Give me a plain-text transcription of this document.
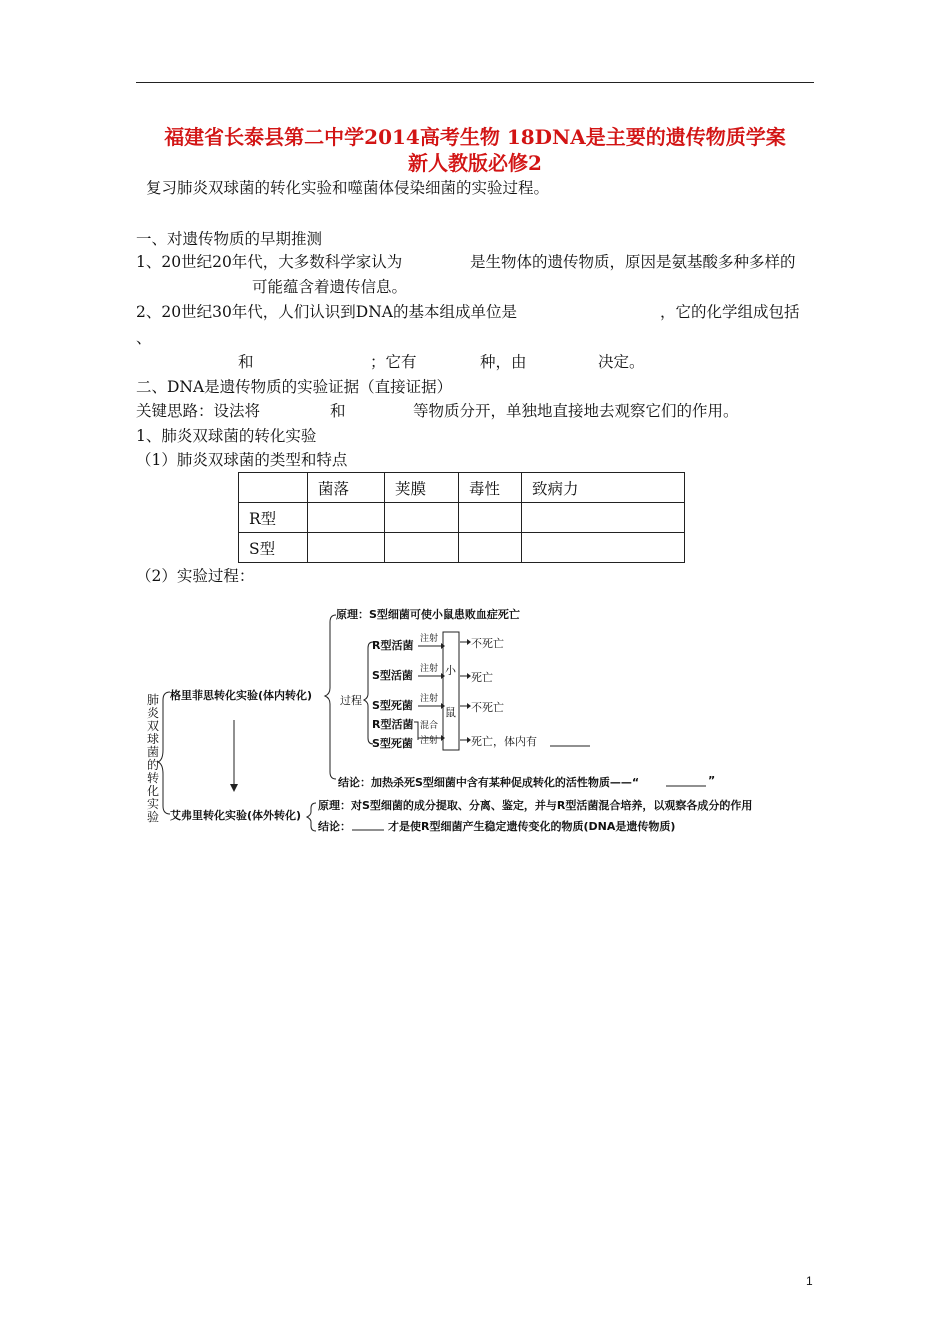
福建省长泰县第二中学2014高考生物 18DNA是主要的遗传物质学案
新人教版必修2
复习肺炎双球菌的转化实验和噬菌体侵染细菌的实验过程。
一、对遗传物质的早期推测
1、20世纪20年代，大多数科学家认为	是生物体的遗传物质，原因是氨基酸多种多样的
可能蕴含着遗传信息。
2、20世纪30年代，人们认识到DNA的基本组成单位是	，它的化学组成包括
、
和	；它有	种，由	决定。
二、DNA是遗传物质的实验证据（直接证据）
关键思路：设法将	和	等物质分开，单独地直接地去观察它们的作用。
1、肺炎双球菌的转化实验
（1）肺炎双球菌的类型和特点
	菌落	荚膜	毒性	致病力
R型				
S型				
（2）实验过程：
肺炎双球菌的转化实验
格里菲思转化实验(体内转化)
艾弗里转化实验(体外转化)
原理：S型细菌可使小鼠患败血症死亡
过程
R型活菌
S型活菌
S型死菌
R型活菌
S型死菌
注射
注射
注射
混合
注射
小
鼠
不死亡
死亡
不死亡
死亡，体内有
结论：加热杀死S型细菌中含有某种促成转化的活性物质——“	”
原理：对S型细菌的成分提取、分离、鉴定，并与R型活菌混合培养，以观察各成分的作用
结论：	才是使R型细菌产生稳定遗传变化的物质(DNA是遗传物质)
1
